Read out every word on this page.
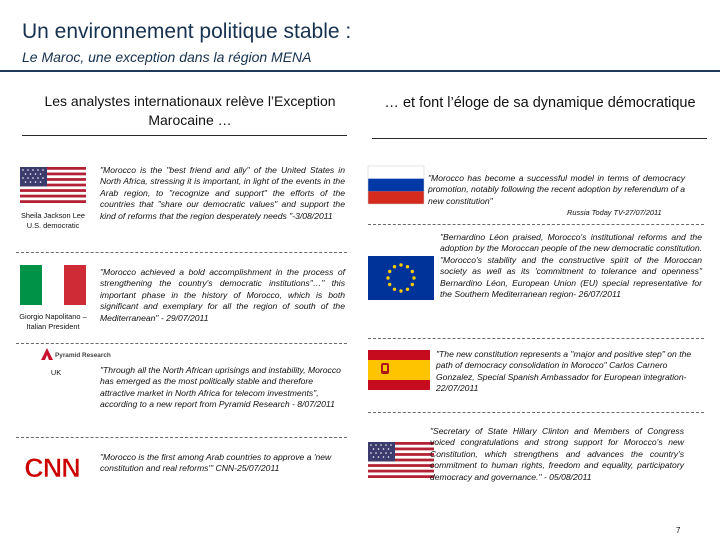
Un environnement politique stable :
Le Maroc, une exception dans la région MENA
Les analystes internationaux relève l’Exception Marocaine …
… et font l’éloge de sa dynamique démocratique
Sheila Jackson Lee
U.S. democratic
"Morocco is the "best friend and ally" of the United States in North Africa, stressing it is important, in light of the events in the Arab region, to "recognize and support" the efforts of the countries that "share our democratic values" and support the kind of reforms that the region desperately needs "-3/08/2011
Giorgio Napolitano –
Italian President
"Morocco achieved a bold accomplishment in the process of strengthening the country's democratic institutions"…" this important phase in the history of Morocco, which is both significant and exemplary for all the region of south of the Mediterranean" - 29/07/2011
Pyramid Research
UK	"Through all the North African uprisings and instability, Morocco has emerged as the most politically stable and therefore attractive market in North Africa for telecom investments", according to a new report from Pyramid Research - 8/07/2011
CNN "Morocco is the first among Arab countries to approve a 'new constitution and real reforms'" CNN-25/07/2011
"Morocco has become a successful model in terms of democracy promotion, notably following the recent adoption by referendum of a new constitution"
Russia Today TV-27/07/2011
"Bernardino Léon praised, Morocco's institutional reforms and the adoption by the Moroccan people of the new democratic constitution. "Morocco's stability and the constructive spirit of the Moroccan society as well as its 'commitment to tolerance and openness" Bernardino Léon, European Union (EU) special representative for the Southern Mediterranean region- 26/07/2011
"The new constitution represents a "major and positive step" on the path of democracy consolidation in Morocco" Carlos Carnero Gonzalez, Special Spanish Ambassador for European integration-22/07/2011
"Secretary of State Hillary Clinton and Members of Congress voiced congratulations and strong support for Morocco's new Constitution, which strengthens and advances the country's commitment to human rights, freedom and equality, participatory democracy and governance." - 05/08/2011
7
